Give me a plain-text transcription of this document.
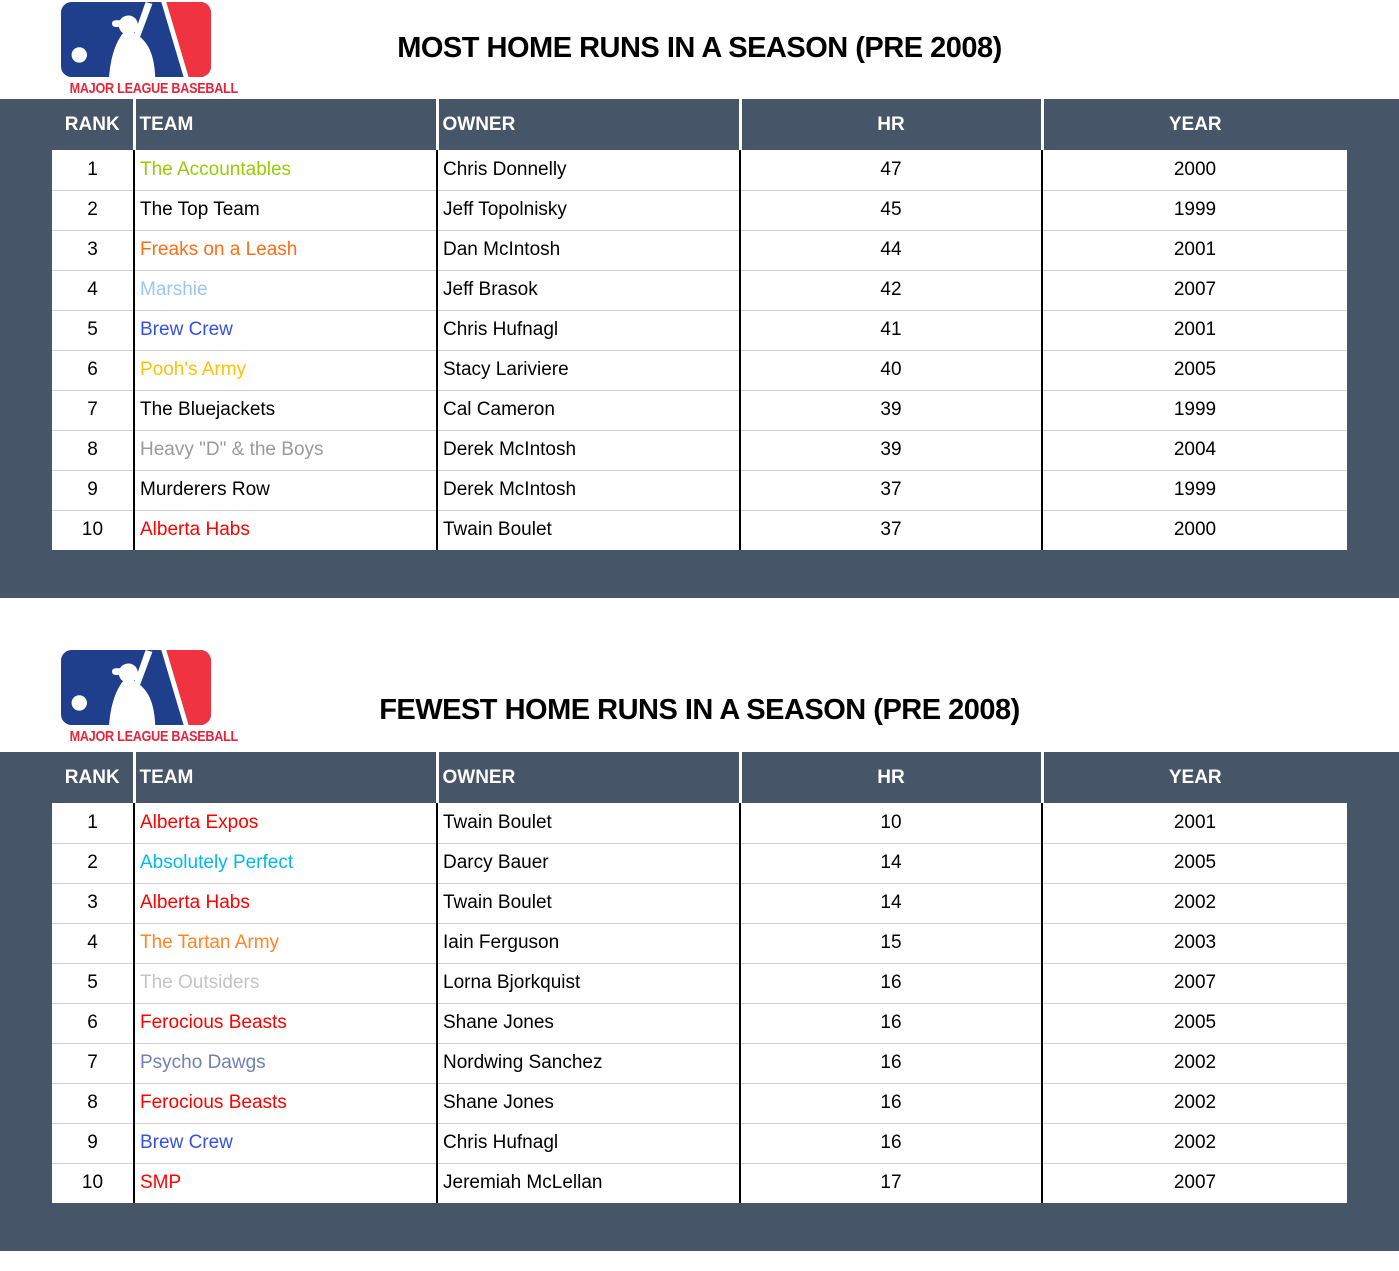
MAJOR LEAGUE BASEBALL
MOST HOME RUNS IN A SEASON (PRE 2008)
RANK	TEAM	OWNER	HR	YEAR
1	The Accountables	Chris Donnelly	47	2000
2	The Top Team	Jeff Topolnisky	45	1999
3	Freaks on a Leash	Dan McIntosh	44	2001
4	Marshie	Jeff Brasok	42	2007
5	Brew Crew	Chris Hufnagl	41	2001
6	Pooh's Army	Stacy Lariviere	40	2005
7	The Bluejackets	Cal Cameron	39	1999
8	Heavy "D" & the Boys	Derek McIntosh	39	2004
9	Murderers Row	Derek McIntosh	37	1999
10	Alberta Habs	Twain Boulet	37	2000
MAJOR LEAGUE BASEBALL
FEWEST HOME RUNS IN A SEASON (PRE 2008)
RANK	TEAM	OWNER	HR	YEAR
1	Alberta Expos	Twain Boulet	10	2001
2	Absolutely Perfect	Darcy Bauer	14	2005
3	Alberta Habs	Twain Boulet	14	2002
4	The Tartan Army	Iain Ferguson	15	2003
5	The Outsiders	Lorna Bjorkquist	16	2007
6	Ferocious Beasts	Shane Jones	16	2005
7	Psycho Dawgs	Nordwing Sanchez	16	2002
8	Ferocious Beasts	Shane Jones	16	2002
9	Brew Crew	Chris Hufnagl	16	2002
10	SMP	Jeremiah McLellan	17	2007
